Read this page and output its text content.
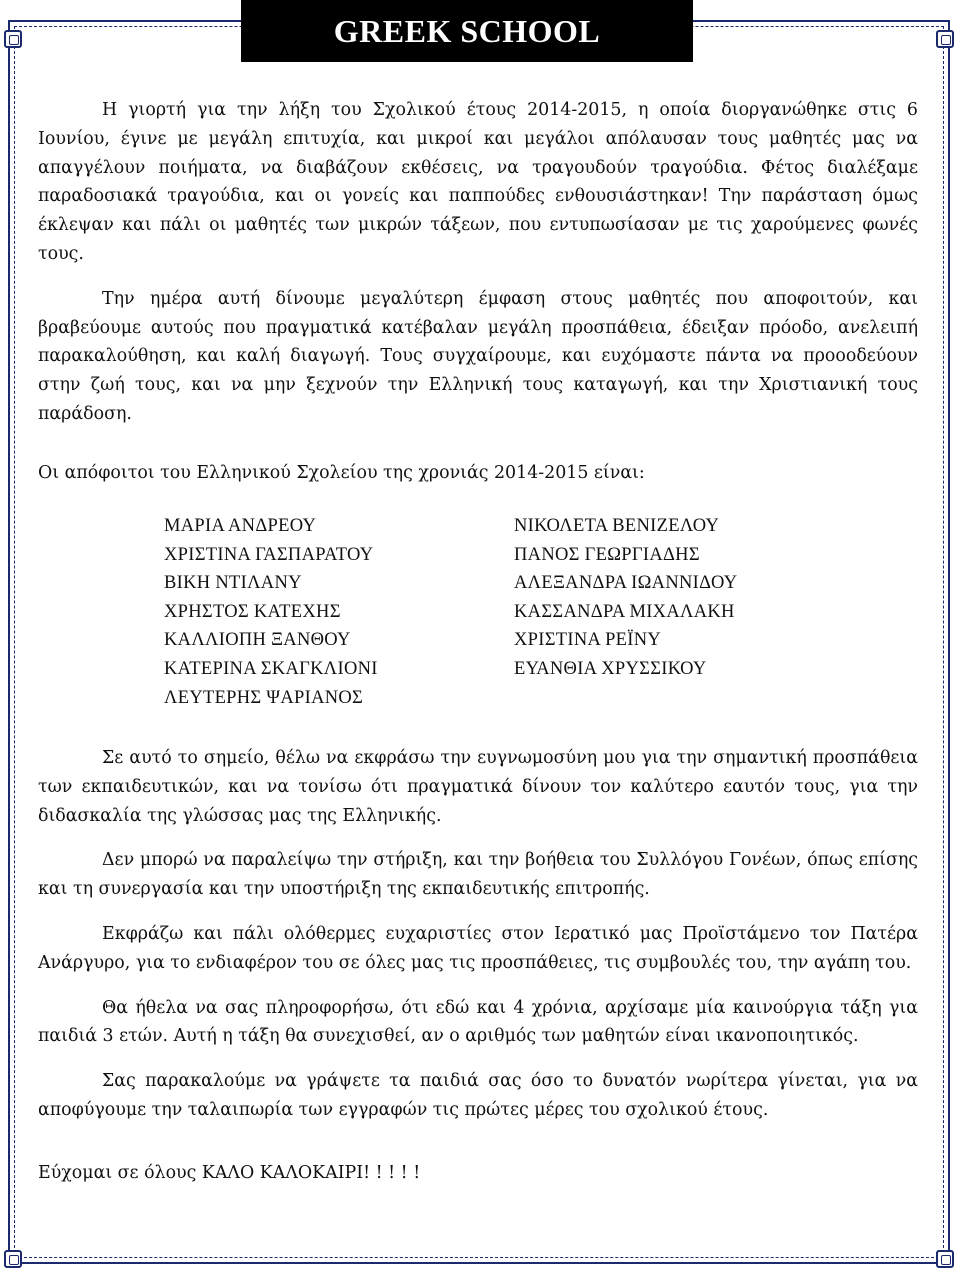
GREEK SCHOOL

Η γιορτή για την λήξη του Σχολικού έτους 2014-2015, η οποία διοργανώθηκε στις 6 Ιουνίου, έγινε με μεγάλη επιτυχία, και μικροί και μεγάλοι απόλαυσαν τους μαθητές μας να απαγγέλουν ποιήματα, να διαβάζουν εκθέσεις, να τραγουδούν τραγούδια. Φέτος διαλέξαμε παραδοσιακά τραγούδια, και οι γονείς και παππούδες ενθουσιάστηκαν! Την παράσταση όμως έκλεψαν και πάλι οι μαθητές των μικρών τάξεων, που εντυπωσίασαν με τις χαρούμενες φωνές τους.

Την ημέρα αυτή δίνουμε μεγαλύτερη έμφαση στους μαθητές που αποφοιτούν, και βραβεύουμε αυτούς που πραγματικά κατέβαλαν μεγάλη προσπάθεια, έδειξαν πρόοδο, ανελειπή παρακαλούθηση, και καλή διαγωγή. Τους συγχαίρουμε, και ευχόμαστε πάντα να προοοδεύουν στην ζωή τους, και να μην ξεχνούν την Ελληνική τους καταγωγή, και την Χριστιανική τους παράδοση.

Οι απόφοιτοι του Ελληνικού Σχολείου της χρονιάς 2014-2015 είναι:

ΜΑΡΙΑ ΑΝΔΡΕΟΥ	ΝΙΚΟΛΕΤΑ ΒΕΝΙΖΕΛΟΥ
ΧΡΙΣΤΙΝΑ ΓΑΣΠΑΡΑΤΟΥ	ΠΑΝΟΣ ΓΕΩΡΓΙΑΔΗΣ
ΒΙΚΗ ΝΤΙΛΑΝΥ	ΑΛΕΞΑΝΔΡΑ ΙΩΑΝΝΙΔΟΥ
ΧΡΗΣΤΟΣ ΚΑΤΕΧΗΣ	ΚΑΣΣΑΝΔΡΑ ΜΙΧΑΛΑΚΗ
ΚΑΛΛΙΟΠΗ ΞΑΝΘΟΥ	ΧΡΙΣΤΙΝΑ ΡΕΪΝΥ
ΚΑΤΕΡΙΝΑ ΣΚΑΓΚΛΙΟΝΙ	ΕΥΑΝΘΙΑ ΧΡΥΣΣΙΚΟΥ
ΛΕΥΤΕΡΗΣ ΨΑΡΙΑΝΟΣ

Σε αυτό το σημείο, θέλω να εκφράσω την ευγνωμοσύνη μου για την σημαντική προσπάθεια των εκπαιδευτικών, και να τονίσω ότι πραγματικά δίνουν τον καλύτερο εαυτόν τους, για την διδασκαλία της γλώσσας μας της Ελληνικής.

Δεν μπορώ να παραλείψω την στήριξη, και την βοήθεια του Συλλόγου Γονέων, όπως επίσης και τη συνεργασία και την υποστήριξη της εκπαιδευτικής επιτροπής.

Εκφράζω και πάλι ολόθερμες ευχαριστίες στον Ιερατικό μας Προϊστάμενο τον Πατέρα Ανάργυρο, για το ενδιαφέρον του σε όλες μας τις προσπάθειες, τις συμβουλές του, την αγάπη του.

Θα ήθελα να σας πληροφορήσω, ότι εδώ και 4 χρόνια, αρχίσαμε μία καινούργια τάξη για παιδιά 3 ετών. Αυτή η τάξη θα συνεχισθεί, αν ο αριθμός των μαθητών είναι ικανοποιητικός.

Σας παρακαλούμε να γράψετε τα παιδιά σας όσο το δυνατόν νωρίτερα γίνεται, για να αποφύγουμε την ταλαιπωρία των εγγραφών τις πρώτες μέρες του σχολικού έτους.

Εύχομαι σε όλους ΚΑΛΟ ΚΑΛΟΚΑΙΡΙ! ! ! ! !
